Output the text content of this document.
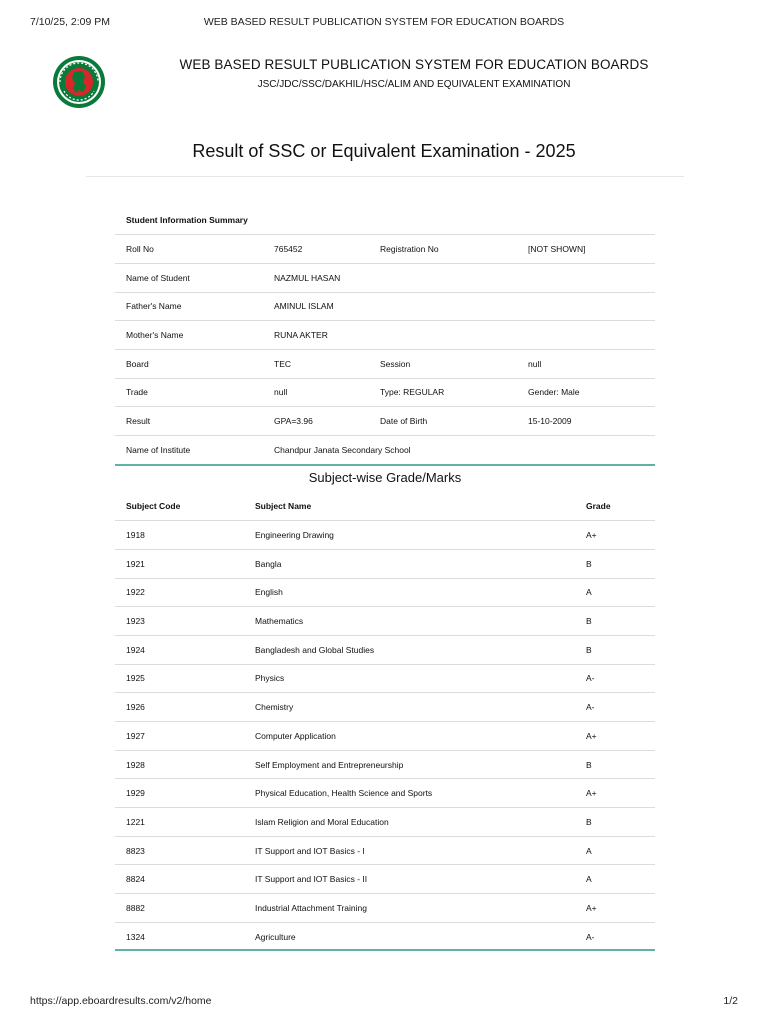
7/10/25, 2:09 PM	WEB BASED RESULT PUBLICATION SYSTEM FOR EDUCATION BOARDS
WEB BASED RESULT PUBLICATION SYSTEM FOR EDUCATION BOARDS
JSC/JDC/SSC/DAKHIL/HSC/ALIM AND EQUIVALENT EXAMINATION
Result of SSC or Equivalent Examination - 2025
Student Information Summary			
Roll No	765452	Registration No	[NOT SHOWN]
Name of Student	NAZMUL HASAN		
Father's Name	AMINUL ISLAM		
Mother's Name	RUNA AKTER		
Board	TEC	Session	null
Trade	null	Type: REGULAR	Gender: Male
Result	GPA=3.96	Date of Birth	15-10-2009
Name of Institute	Chandpur Janata Secondary School		
Subject-wise Grade/Marks
Subject Code	Subject Name	Grade
1918	Engineering Drawing	A+
1921	Bangla	B
1922	English	A
1923	Mathematics	B
1924	Bangladesh and Global Studies	B
1925	Physics	A-
1926	Chemistry	A-
1927	Computer Application	A+
1928	Self Employment and Entrepreneurship	B
1929	Physical Education, Health Science and Sports	A+
1221	Islam Religion and Moral Education	B
8823	IT Support and IOT Basics - I	A
8824	IT Support and IOT Basics - II	A
8882	Industrial Attachment Training	A+
1324	Agriculture	A-
https://app.eboardresults.com/v2/home	1/2
